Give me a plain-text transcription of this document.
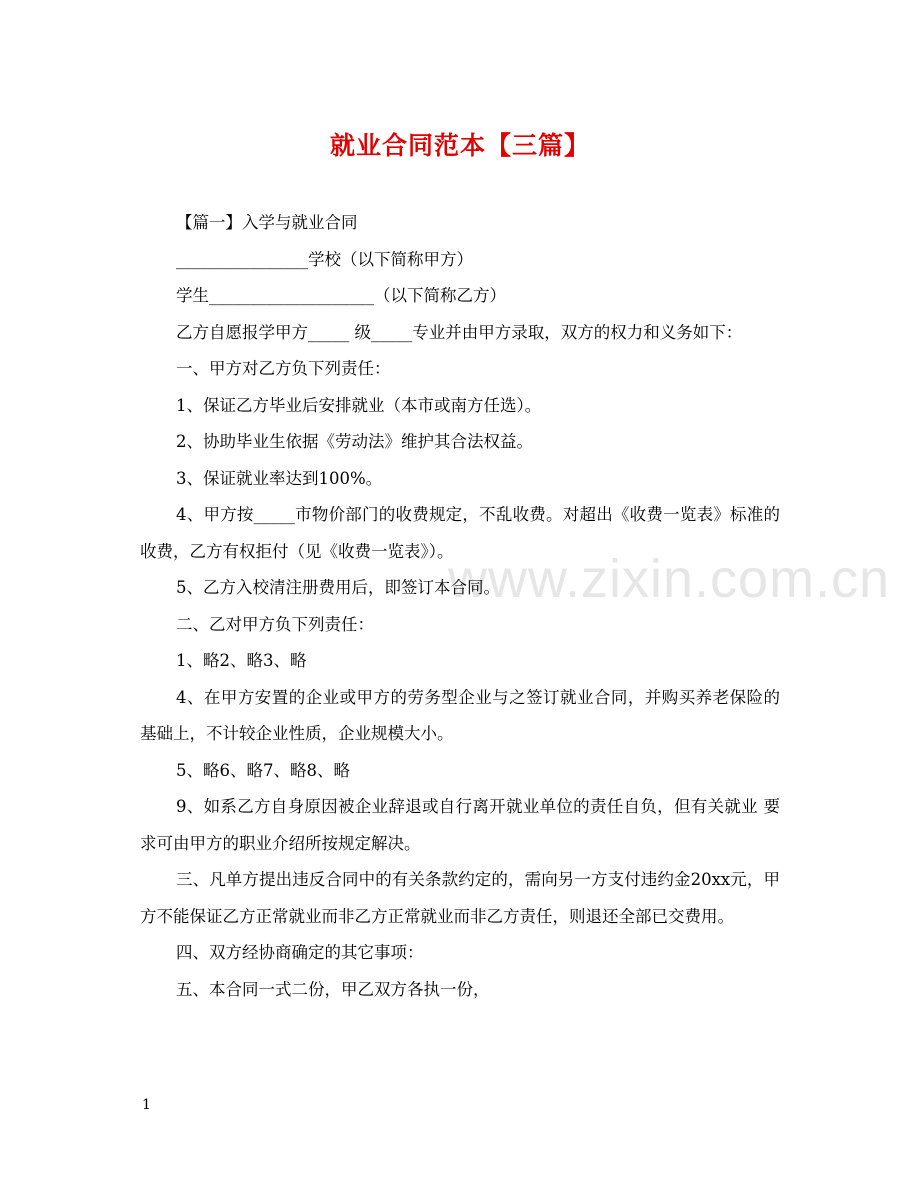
就业合同范本【三篇】
www.zixin.com.cn

【篇一】入学与就业合同

________________学校（以下简称甲方）

学生____________________（以下简称乙方）

乙方自愿报学甲方_____ 级_____专业并由甲方录取，双方的权力和义务如下：

一、甲方对乙方负下列责任：

1、保证乙方毕业后安排就业（本市或南方任选）。

2、协助毕业生依据《劳动法》维护其合法权益。

3、保证就业率达到100%。

4、甲方按_____市物价部门的收费规定，不乱收费。对超出《收费一览表》标准的收费，乙方有权拒付（见《收费一览表》）。

5、乙方入校清注册费用后，即签订本合同。

二、乙对甲方负下列责任：

1、略2、略3、略

4、在甲方安置的企业或甲方的劳务型企业与之签订就业合同，并购买养老保险的基础上，不计较企业性质，企业规模大小。

5、略6、略7、略8、略

9、如系乙方自身原因被企业辞退或自行离开就业单位的责任自负，但有关就业 要求可由甲方的职业介绍所按规定解决。

三、凡单方提出违反合同中的有关条款约定的，需向另一方支付违约金20xx元，甲方不能保证乙方正常就业而非乙方正常就业而非乙方责任，则退还全部已交费用。

四、双方经协商确定的其它事项：

五、本合同一式二份，甲乙双方各执一份，

1
